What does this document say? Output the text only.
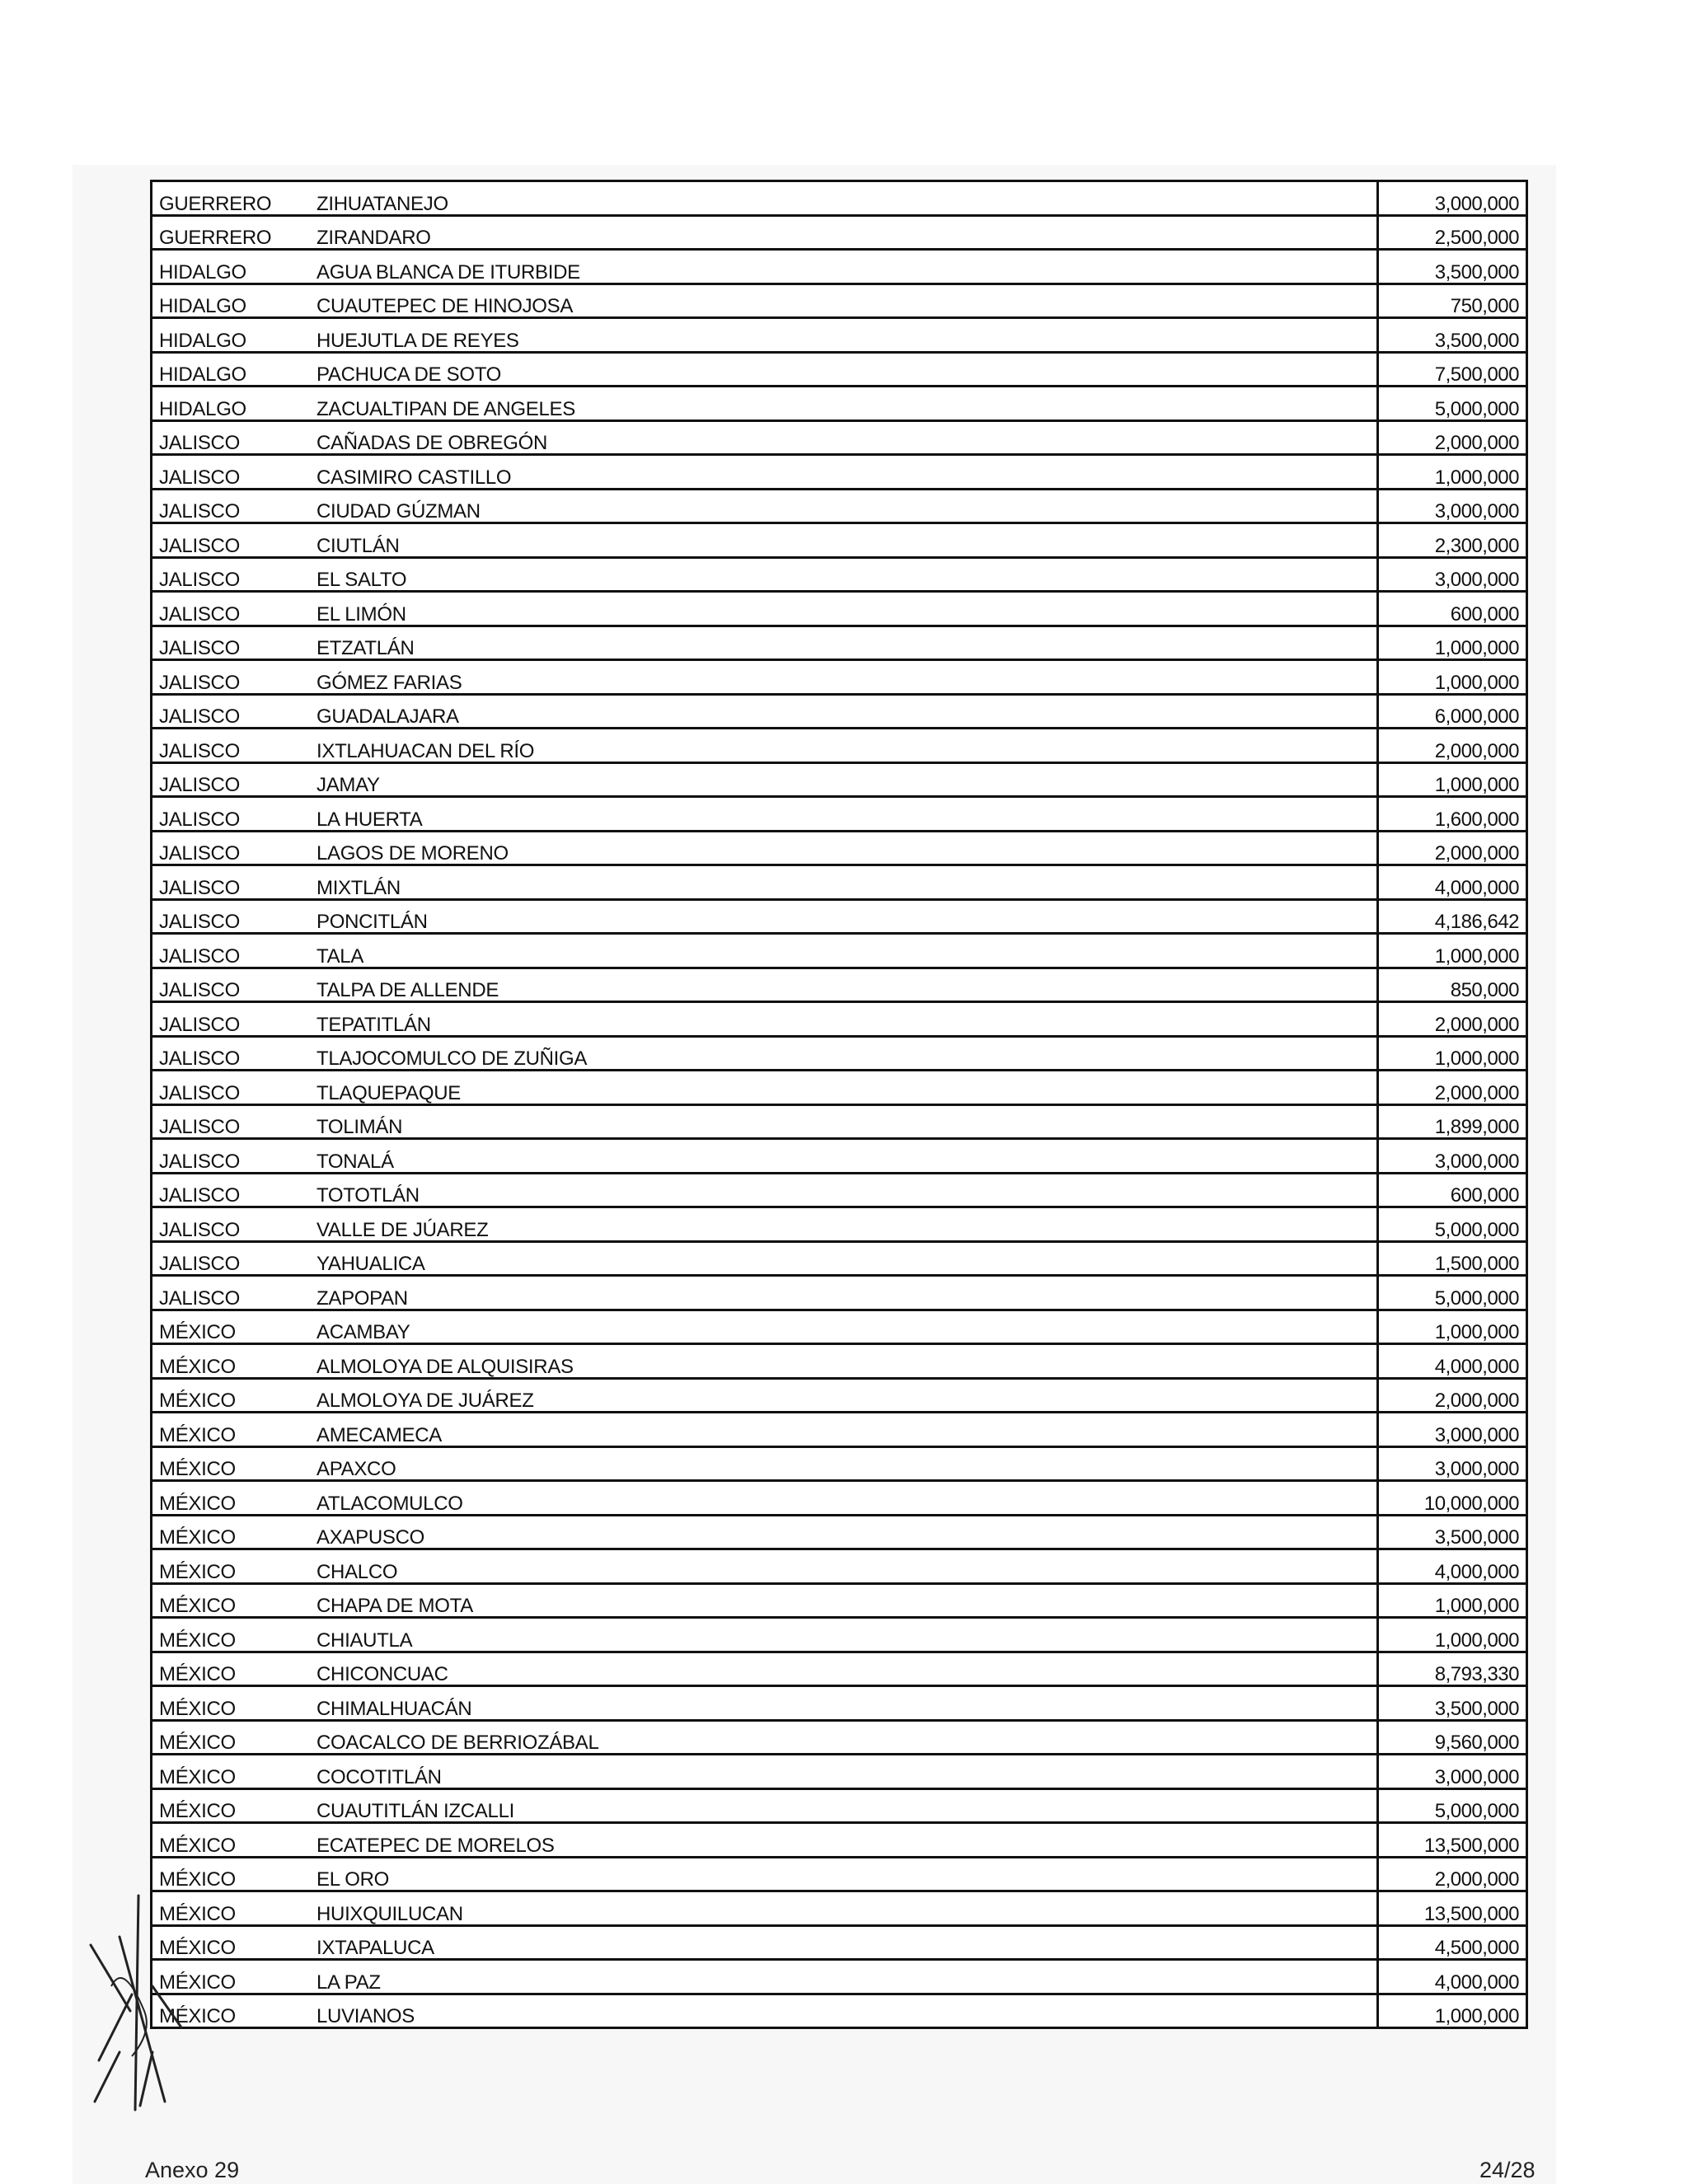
GUERRERO	ZIHUATANEJO	3,000,000
GUERRERO	ZIRANDARO	2,500,000
HIDALGO	AGUA BLANCA DE ITURBIDE	3,500,000
HIDALGO	CUAUTEPEC DE HINOJOSA	750,000
HIDALGO	HUEJUTLA DE REYES	3,500,000
HIDALGO	PACHUCA DE SOTO	7,500,000
HIDALGO	ZACUALTIPAN DE ANGELES	5,000,000
JALISCO	CAÑADAS DE OBREGÓN	2,000,000
JALISCO	CASIMIRO CASTILLO	1,000,000
JALISCO	CIUDAD GÚZMAN	3,000,000
JALISCO	CIUTLÁN	2,300,000
JALISCO	EL SALTO	3,000,000
JALISCO	EL LIMÓN	600,000
JALISCO	ETZATLÁN	1,000,000
JALISCO	GÓMEZ FARIAS	1,000,000
JALISCO	GUADALAJARA	6,000,000
JALISCO	IXTLAHUACAN DEL RÍO	2,000,000
JALISCO	JAMAY	1,000,000
JALISCO	LA HUERTA	1,600,000
JALISCO	LAGOS DE MORENO	2,000,000
JALISCO	MIXTLÁN	4,000,000
JALISCO	PONCITLÁN	4,186,642
JALISCO	TALA	1,000,000
JALISCO	TALPA DE ALLENDE	850,000
JALISCO	TEPATITLÁN	2,000,000
JALISCO	TLAJOCOMULCO DE ZUÑIGA	1,000,000
JALISCO	TLAQUEPAQUE	2,000,000
JALISCO	TOLIMÁN	1,899,000
JALISCO	TONALÁ	3,000,000
JALISCO	TOTOTLÁN	600,000
JALISCO	VALLE DE JÚAREZ	5,000,000
JALISCO	YAHUALICA	1,500,000
JALISCO	ZAPOPAN	5,000,000
MÉXICO	ACAMBAY	1,000,000
MÉXICO	ALMOLOYA DE ALQUISIRAS	4,000,000
MÉXICO	ALMOLOYA DE JUÁREZ	2,000,000
MÉXICO	AMECAMECA	3,000,000
MÉXICO	APAXCO	3,000,000
MÉXICO	ATLACOMULCO	10,000,000
MÉXICO	AXAPUSCO	3,500,000
MÉXICO	CHALCO	4,000,000
MÉXICO	CHAPA DE MOTA	1,000,000
MÉXICO	CHIAUTLA	1,000,000
MÉXICO	CHICONCUAC	8,793,330
MÉXICO	CHIMALHUACÁN	3,500,000
MÉXICO	COACALCO DE BERRIOZÁBAL	9,560,000
MÉXICO	COCOTITLÁN	3,000,000
MÉXICO	CUAUTITLÁN IZCALLI	5,000,000
MÉXICO	ECATEPEC DE MORELOS	13,500,000
MÉXICO	EL ORO	2,000,000
MÉXICO	HUIXQUILUCAN	13,500,000
MÉXICO	IXTAPALUCA	4,500,000
MÉXICO	LA PAZ	4,000,000
MÉXICO	LUVIANOS	1,000,000
Anexo 29	24/28
